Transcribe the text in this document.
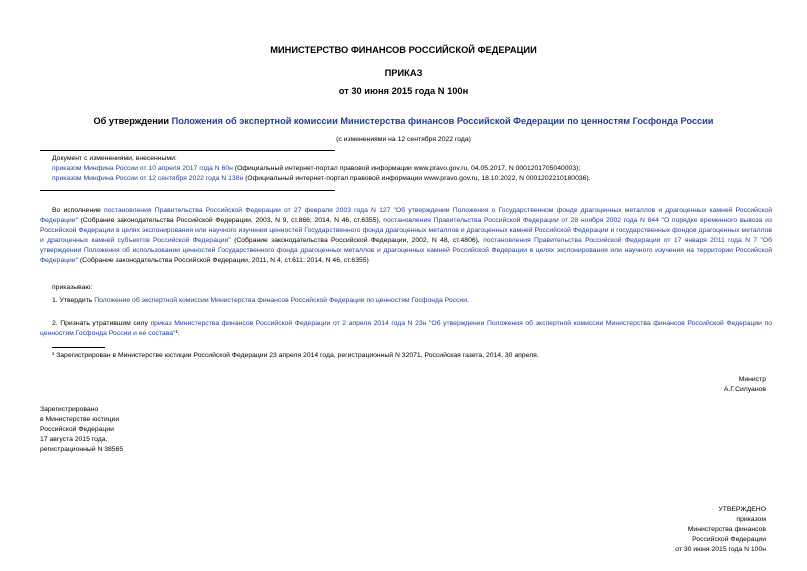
МИНИСТЕРСТВО ФИНАНСОВ РОССИЙСКОЙ ФЕДЕРАЦИИ
ПРИКАЗ
от 30 июня 2015 года N 100н
Об утверждении Положения об экспертной комиссии Министерства финансов Российской Федерации по ценностям Госфонда России
(с изменениями на 12 сентября 2022 года)
Документ с изменениями, внесенными:
приказом Минфина России от 10 апреля 2017 года N 60н (Официальный интернет-портал правовой информации www.pravo.gov.ru, 04.05.2017, N 0001201705040003);
приказом Минфина России от 12 сентября 2022 года N 138н (Официальный интернет-портал правовой информации www.pravo.gov.ru, 18.10.2022, N 0001202210180036).
Во исполнение постановления Правительства Российской Федерации от 27 февраля 2003 года N 127 "Об утверждении Положения о Государственном фонде драгоценных металлов и драгоценных камней Российской Федерации" (Собрание законодательства Российской Федерации, 2003, N 9, ст.866; 2014, N 46, ст.6355), постановления Правительства Российской Федерации от 28 ноября 2002 года N 844 "О порядке временного вывоза из Российской Федерации в целях экспонирования или научного изучения ценностей Государственного фонда драгоценных металлов и драгоценных камней Российской Федерации и государственных фондов драгоценных металлов и драгоценных камней субъектов Российской Федерации" (Собрание законодательства Российской Федерации, 2002, N 48, ст.4806), постановления Правительства Российской Федерации от 17 января 2011 года N 7 "Об утверждении Положения об использовании ценностей Государственного фонда драгоценных металлов и драгоценных камней Российской Федерации в целях экспонирования или научного изучения на территории Российской Федерации" (Собрание законодательства Российской Федерации, 2011, N 4, ст.611; 2014, N 46, ст.6355)
приказываю:
1. Утвердить Положение об экспертной комиссии Министерства финансов Российской Федерации по ценностям Госфонда России.
2. Признать утратившим силу приказ Министерства финансов Российской Федерации от 2 апреля 2014 года N 23н "Об утверждении Положения об экспертной комиссии Министерства финансов Российской Федерации по ценностям Госфонда России и ее состава"¹.
¹ Зарегистрирован в Министерстве юстиции Российской Федерации 23 апреля 2014 года, регистрационный N 32071, Российская газета, 2014, 30 апреля.
Министр
А.Г.Силуанов
Зарегистрировано
в Министерстве юстиции
Российской Федерации
17 августа 2015 года,
регистрационный N 38565
УТВЕРЖДЕНО
приказом
Министерства финансов
Российской Федерации
от 30 июня 2015 года N 100н
